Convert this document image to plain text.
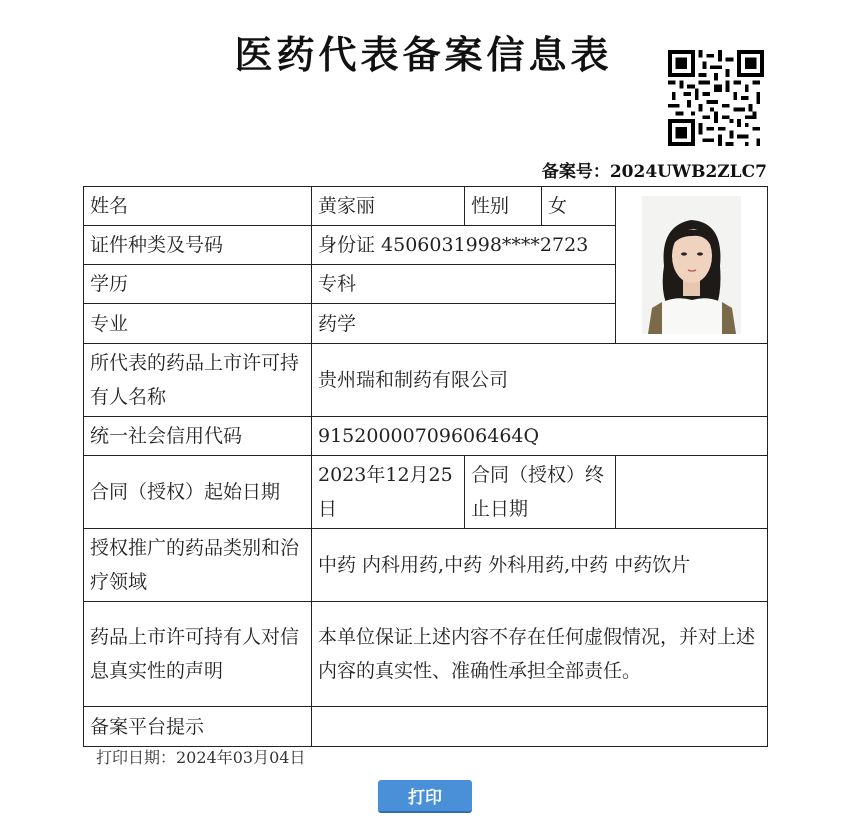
医药代表备案信息表
备案号：2024UWB2ZLC7
姓名	黄家丽	性别	女	

证件种类及号码	身份证 4506031998****2723			
学历	专科			
专业	药学			
所代表的药品上市许可持有人名称	贵州瑞和制药有限公司			
统一社会信用代码	91520000709606464Q			
合同（授权）起始日期	2023年12月25日	合同（授权）终止日期		
授权推广的药品类别和治疗领域	中药 内科用药,中药 外科用药,中药 中药饮片			
药品上市许可持有人对信息真实性的声明	本单位保证上述内容不存在任何虚假情况，并对上述内容的真实性、准确性承担全部责任。			
备案平台提示				
打印日期：2024年03月04日
打印
